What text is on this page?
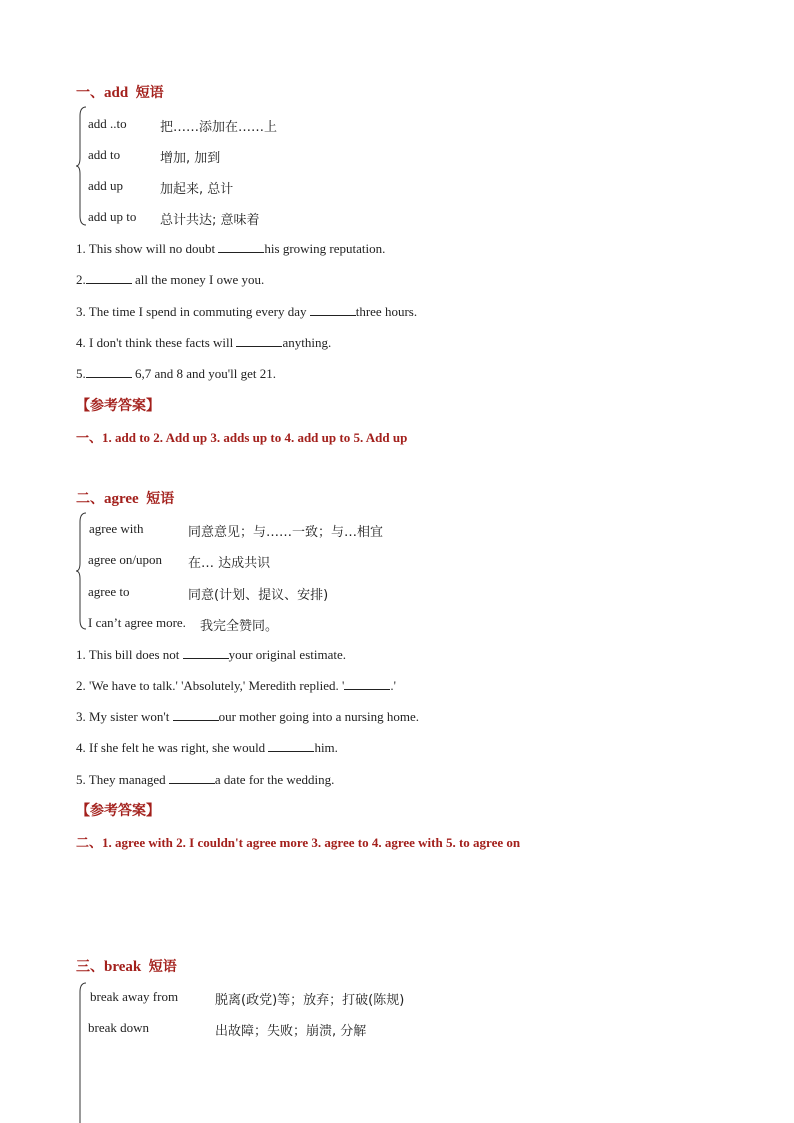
一、add 短语
add ..to	把……添加在……上
add to	增加, 加到
add up	加起来, 总计
add up to 总计共达; 意味着
1. This show will no doubt	his growing reputation.
2.	all the money I owe you.
3. The time I spend in commuting every day	three hours.
4. I don't think these facts will	anything.
5.	6,7 and 8 and you'll get 21.
【参考答案】
一、1. add to 2. Add up 3. adds up to 4. add up to 5. Add up
二、agree 短语
agree with	同意意见；与……一致；与…相宜
agree on/upon 在… 达成共识
agree to	同意(计划、提议、安排)
I can’t agree more. 我完全赞同。
1. This bill does not	your original estimate.
2. 'We have to talk.' 'Absolutely,' Meredith replied. '	.'
3. My sister won't	our mother going into a nursing home.
4. If she felt he was right, she would	him.
5. They managed	a date for the wedding.
【参考答案】
二、1. agree with 2. I couldn't agree more 3. agree to 4. agree with 5. to agree on
三、break 短语
break away from	脱离(政党)等；放弃；打破(陈规)
break down	出故障；失败；崩溃, 分解
